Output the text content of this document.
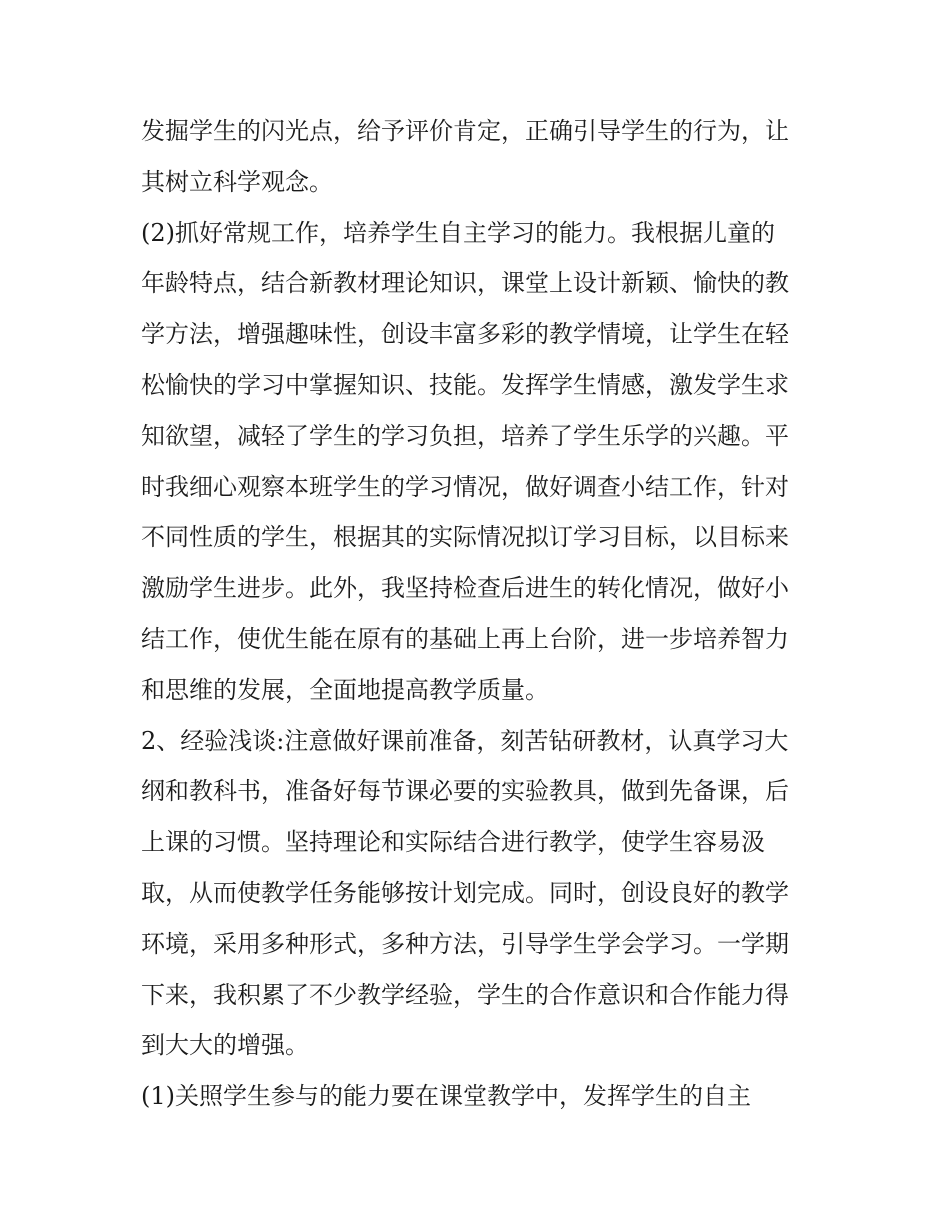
发掘学生的闪光点，给予评价肯定，正确引导学生的行为，让
其树立科学观念。
(2)抓好常规工作，培养学生自主学习的能力。我根据儿童的
年龄特点，结合新教材理论知识，课堂上设计新颖、愉快的教
学方法，增强趣味性，创设丰富多彩的教学情境，让学生在轻
松愉快的学习中掌握知识、技能。发挥学生情感，激发学生求
知欲望，减轻了学生的学习负担，培养了学生乐学的兴趣。平
时我细心观察本班学生的学习情况，做好调查小结工作，针对
不同性质的学生，根据其的实际情况拟订学习目标，以目标来
激励学生进步。此外，我坚持检查后进生的转化情况，做好小
结工作，使优生能在原有的基础上再上台阶，进一步培养智力
和思维的发展，全面地提高教学质量。
2、经验浅谈:注意做好课前准备，刻苦钻研教材，认真学习大
纲和教科书，准备好每节课必要的实验教具，做到先备课，后
上课的习惯。坚持理论和实际结合进行教学，使学生容易汲
取，从而使教学任务能够按计划完成。同时，创设良好的教学
环境，采用多种形式，多种方法，引导学生学会学习。一学期
下来，我积累了不少教学经验，学生的合作意识和合作能力得
到大大的增强。
(1)关照学生参与的能力要在课堂教学中，发挥学生的自主
